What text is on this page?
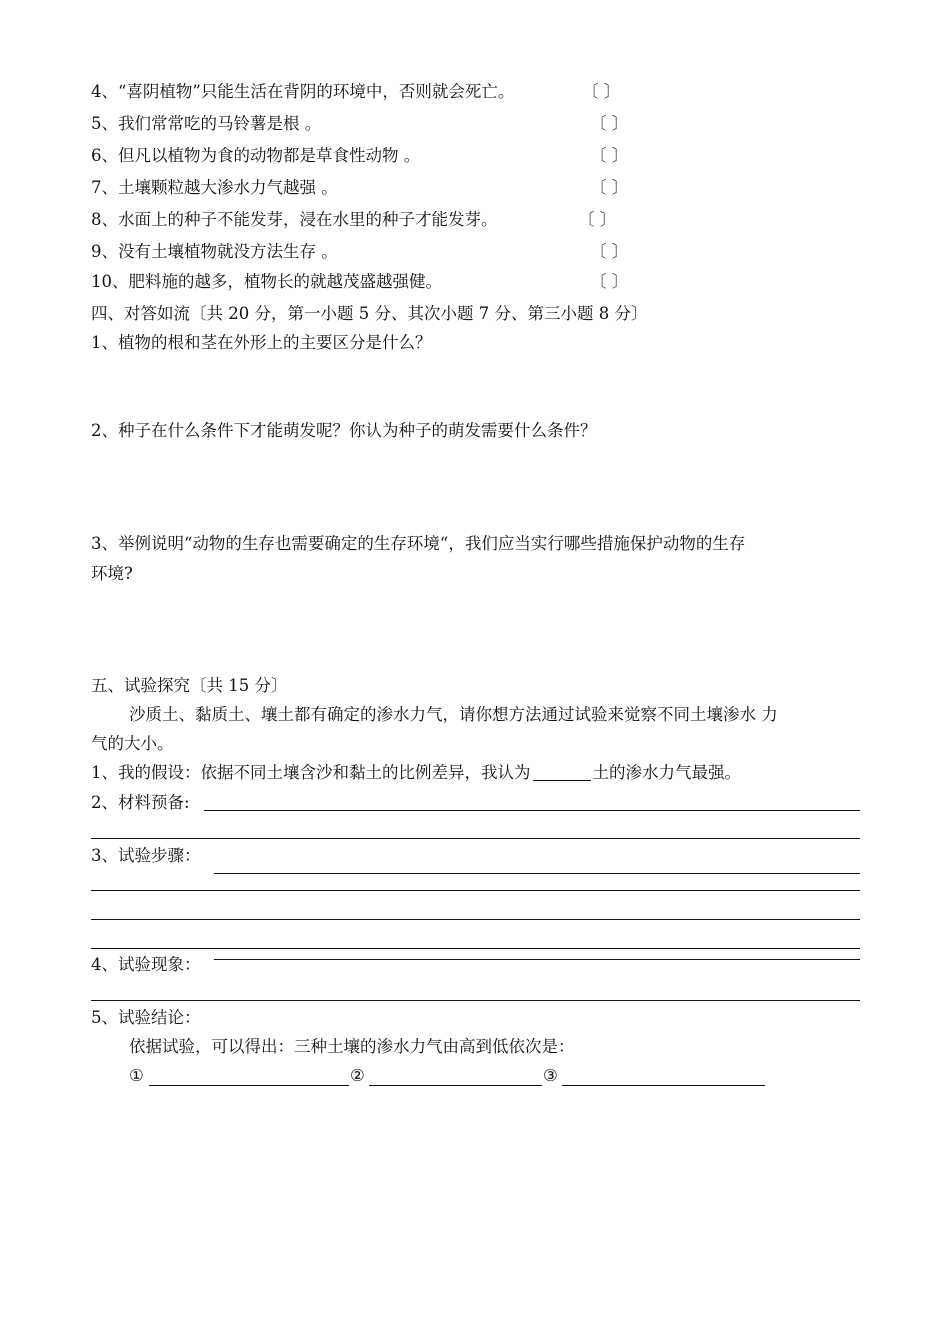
4、“喜阴植物”只能生活在背阴的环境中，否则就会死亡。	〔 〕
5、我们常常吃的马铃薯是根 。	〔 〕
6、但凡以植物为食的动物都是草食性动物 。	〔 〕
7、土壤颗粒越大渗水力气越强 。	〔 〕
8、水面上的种子不能发芽，浸在水里的种子才能发芽。	〔 〕
9、没有土壤植物就没方法生存 。	〔 〕
10、肥料施的越多，植物长的就越茂盛越强健。	〔 〕
四、对答如流〔共 20 分，第一小题 5 分、其次小题 7 分、第三小题 8 分〕
1、植物的根和茎在外形上的主要区分是什么？
2、种子在什么条件下才能萌发呢？你认为种子的萌发需要什么条件？
3、举例说明“动物的生存也需要确定的生存环境“，我们应当实行哪些措施保护动物的生存
环境?
五、试验探究〔共 15 分〕
沙质土、黏质土、壤土都有确定的渗水力气，请你想方法通过试验来觉察不同土壤渗水 力
气的大小。
1、我的假设：依据不同土壤含沙和黏土的比例差异，我认为	土的渗水力气最强。
2、材料预备:
3、试验步骤：
4、试验现象：
5、试验结论：
依据试验，可以得出：三种土壤的渗水力气由高到低依次是：
①	②	③
